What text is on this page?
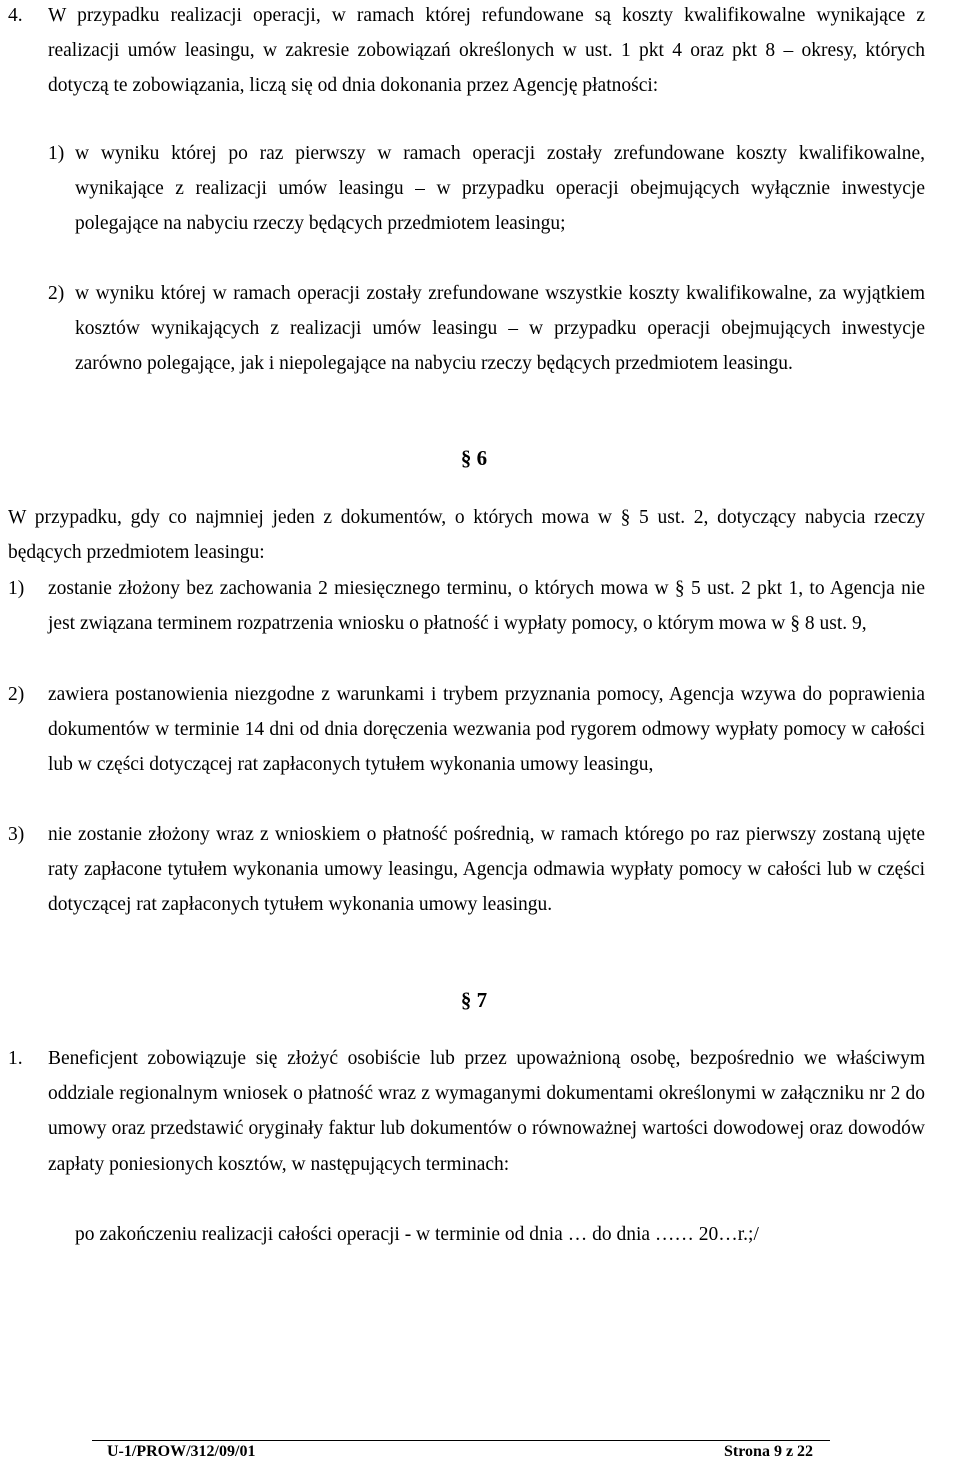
4. W przypadku realizacji operacji, w ramach której refundowane są koszty kwalifikowalne wynikające z realizacji umów leasingu, w zakresie zobowiązań określonych w ust. 1 pkt 4 oraz pkt 8 – okresy, których dotyczą te zobowiązania, liczą się od dnia dokonania przez Agencję płatności:
1) w wyniku której po raz pierwszy w ramach operacji zostały zrefundowane koszty kwalifikowalne, wynikające z realizacji umów leasingu – w przypadku operacji obejmujących wyłącznie inwestycje polegające na nabyciu rzeczy będących przedmiotem leasingu;
2) w wyniku której w ramach operacji zostały zrefundowane wszystkie koszty kwalifikowalne, za wyjątkiem kosztów wynikających z realizacji umów leasingu – w przypadku operacji obejmujących inwestycje zarówno polegające, jak i niepolegające na nabyciu rzeczy będących przedmiotem leasingu.
§ 6
W przypadku, gdy co najmniej jeden z dokumentów, o których mowa w § 5 ust. 2, dotyczący nabycia rzeczy będących przedmiotem leasingu:
1) zostanie złożony bez zachowania 2 miesięcznego terminu, o których mowa w § 5 ust. 2 pkt 1, to Agencja nie jest związana terminem rozpatrzenia wniosku o płatność i wypłaty pomocy, o którym mowa w § 8 ust. 9,
2) zawiera postanowienia niezgodne z warunkami i trybem przyznania pomocy, Agencja wzywa do poprawienia dokumentów w terminie 14 dni od dnia doręczenia wezwania pod rygorem odmowy wypłaty pomocy w całości lub w części dotyczącej rat zapłaconych tytułem wykonania umowy leasingu,
3) nie zostanie złożony wraz z wnioskiem o płatność pośrednią, w ramach którego po raz pierwszy zostaną ujęte raty zapłacone tytułem wykonania umowy leasingu, Agencja odmawia wypłaty pomocy w całości lub w części dotyczącej rat zapłaconych tytułem wykonania umowy leasingu.
§ 7
1. Beneficjent zobowiązuje się złożyć osobiście lub przez upoważnioną osobę, bezpośrednio we właściwym oddziale regionalnym wniosek o płatność wraz z wymaganymi dokumentami określonymi w załączniku nr 2 do umowy oraz przedstawić oryginały faktur lub dokumentów o równoważnej wartości dowodowej oraz dowodów zapłaty poniesionych kosztów, w następujących terminach:
po zakończeniu realizacji całości operacji - w terminie od dnia … do dnia …… 20…r.;/
U-1/PROW/312/09/01	Strona 9 z 22
